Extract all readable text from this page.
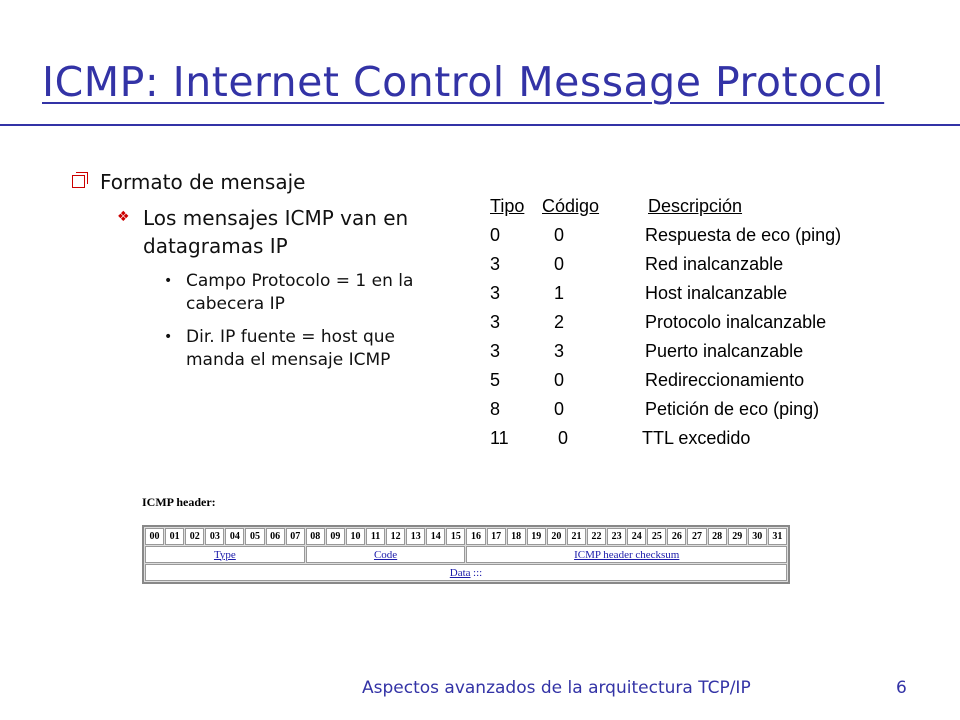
ICMP: Internet Control Message Protocol
Formato de mensaje
❖ Los mensajes ICMP van en datagramas IP
• Campo Protocolo = 1 en la cabecera IP
• Dir. IP fuente = host que manda el mensaje ICMP
Tipo Código	Descripción
0	0	Respuesta de eco (ping)
3	0	Red inalcanzable
3	1	Host inalcanzable
3	2	Protocolo inalcanzable
3	3	Puerto inalcanzable
5	0	Redireccionamiento
8	0	Petición de eco (ping)
11	0	TTL excedido
ICMP header:
00	01	02	03	04	05	06	07	08	09	10	11	12	13	14	15	16	17	18	19	20	21	22	23	24	25	26	27	28	29	30	31
Type								Code								ICMP header checksum															
Data :::																															
Aspectos avanzados de la arquitectura TCP/IP	6
